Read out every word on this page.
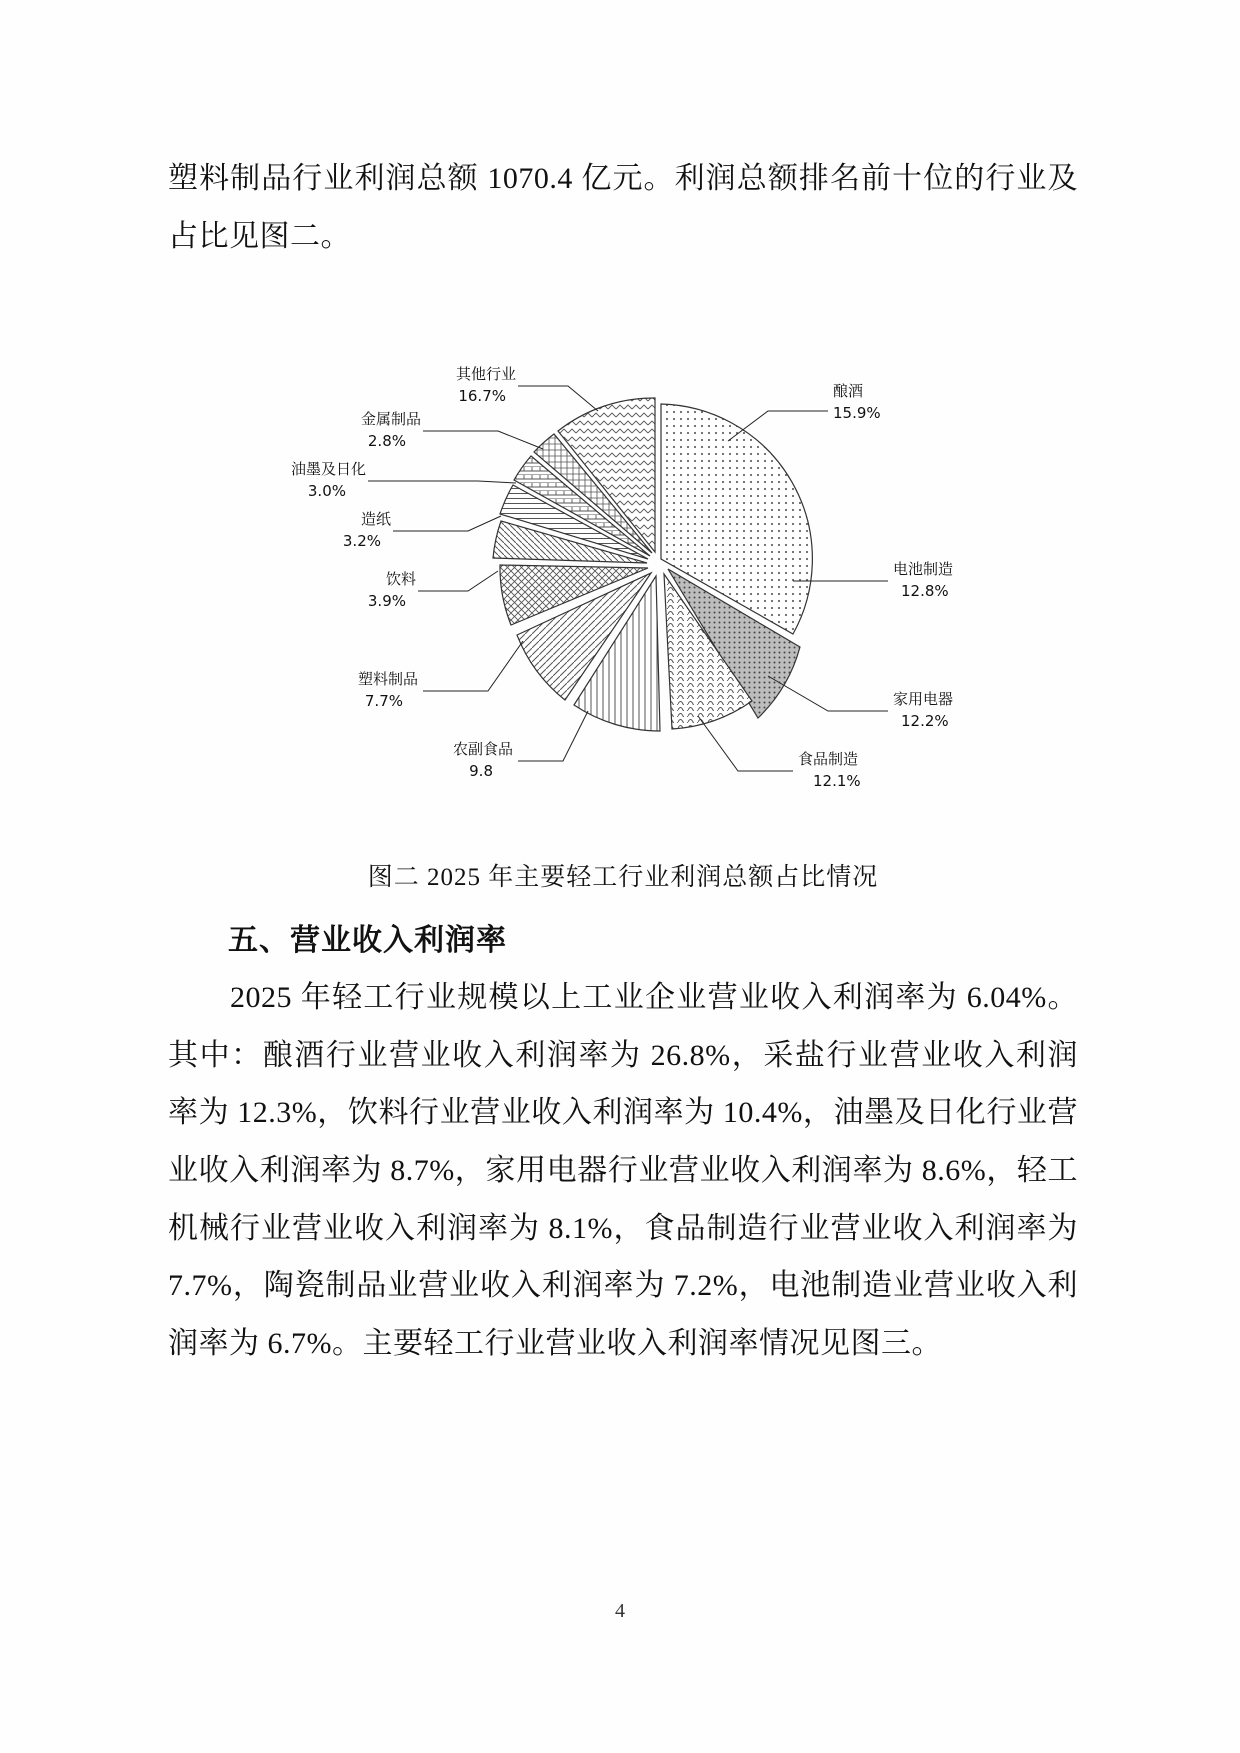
塑料制品行业利润总额 1070.4 亿元。利润总额排名前十位的行业及占比见图二。

酿酒
15.9%
电池制造
12.8%
家用电器
12.2%
食品制造
12.1%
农副食品
9.8
塑料制品
7.7%
饮料
3.9%
造纸
3.2%
油墨及日化
3.0%
金属制品
2.8%
其他行业
16.7%
图二 2025 年主要轻工行业利润总额占比情况
五、营业收入利润率

2025 年轻工行业规模以上工业企业营业收入利润率为 6.04%。其中：酿酒行业营业收入利润率为 26.8%，采盐行业营业收入利润率为 12.3%，饮料行业营业收入利润率为 10.4%，油墨及日化行业营业收入利润率为 8.7%，家用电器行业营业收入利润率为 8.6%，轻工机械行业营业收入利润率为 8.1%，食品制造行业营业收入利润率为 7.7%，陶瓷制品业营业收入利润率为 7.2%，电池制造业营业收入利润率为 6.7%。主要轻工行业营业收入利润率情况见图三。

4
